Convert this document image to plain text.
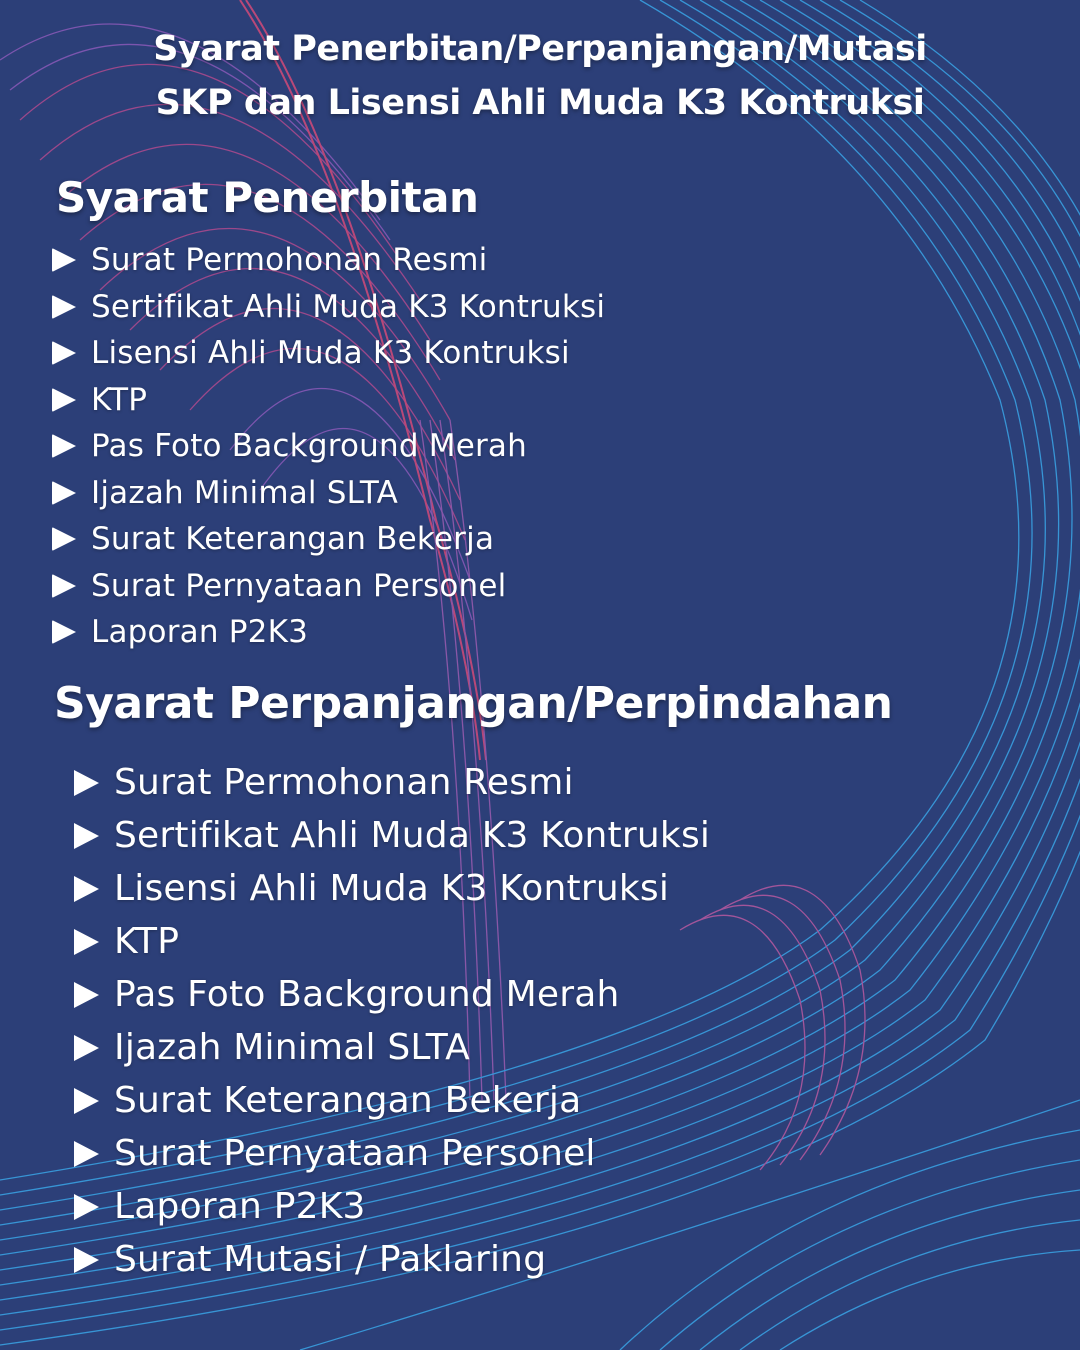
Syarat Penerbitan/Perpanjangan/Mutasi
SKP dan Lisensi Ahli Muda K3 Kontruksi
Syarat Penerbitan
Surat Permohonan Resmi
Sertifikat Ahli Muda K3 Kontruksi
Lisensi Ahli Muda K3 Kontruksi
KTP
Pas Foto Background Merah
Ijazah Minimal SLTA
Surat Keterangan Bekerja
Surat Pernyataan Personel
Laporan P2K3
Syarat Perpanjangan/Perpindahan
Surat Permohonan Resmi
Sertifikat Ahli Muda K3 Kontruksi
Lisensi Ahli Muda K3 Kontruksi
KTP
Pas Foto Background Merah
Ijazah Minimal SLTA
Surat Keterangan Bekerja
Surat Pernyataan Personel
Laporan P2K3
Surat Mutasi / Paklaring
